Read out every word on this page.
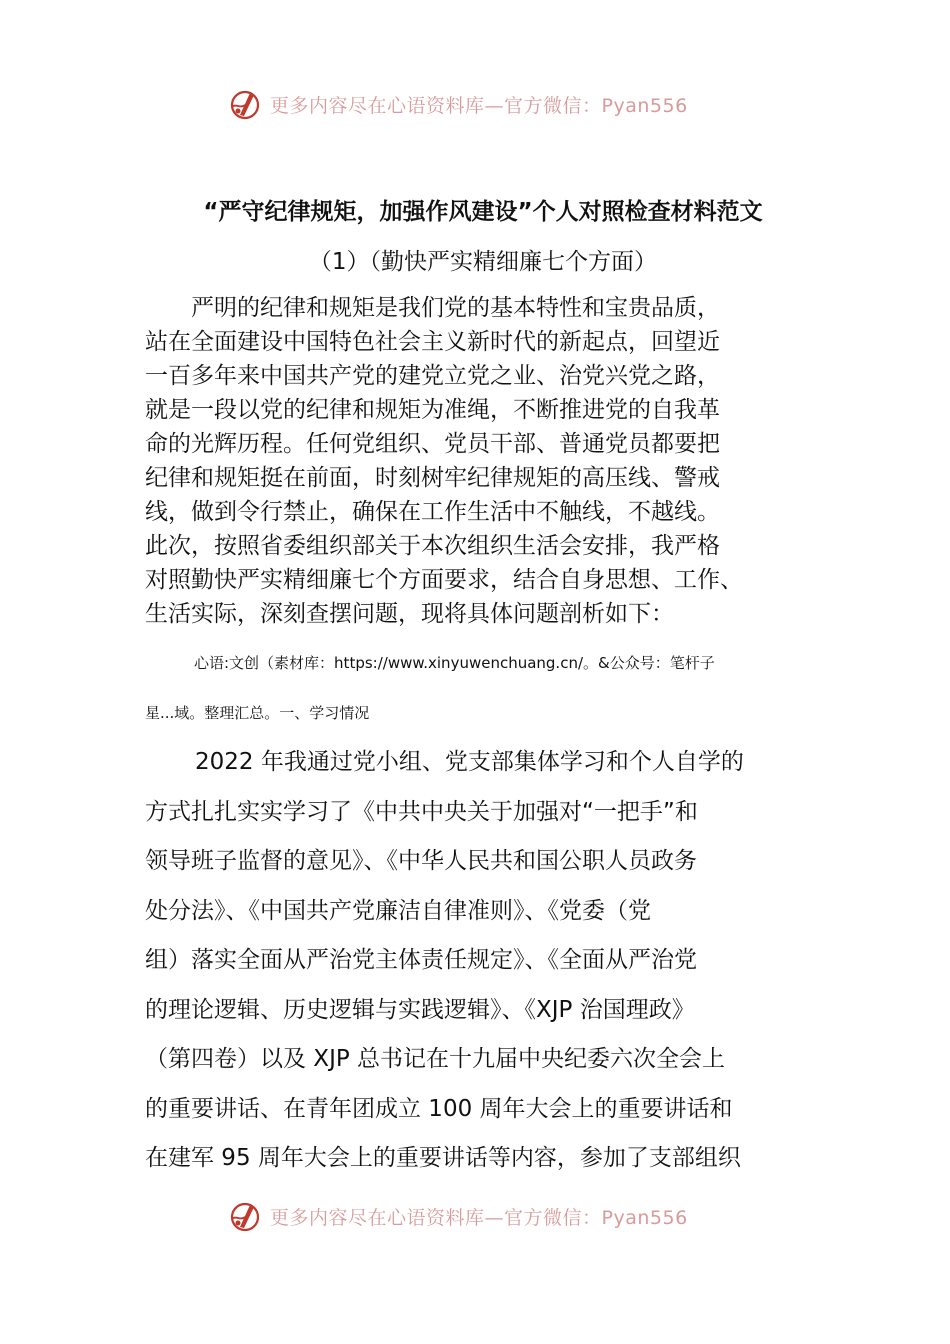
更多内容尽在心语资料库—官方微信：Pyan556
“严守纪律规矩，加强作风建设”个人对照检查材料范文
（1）（勤快严实精细廉七个方面）
严明的纪律和规矩是我们党的基本特性和宝贵品质，
站在全面建设中国特色社会主义新时代的新起点，回望近
一百多年来中国共产党的建党立党之业、治党兴党之路，
就是一段以党的纪律和规矩为准绳，不断推进党的自我革
命的光辉历程。任何党组织、党员干部、普通党员都要把
纪律和规矩挺在前面，时刻树牢纪律规矩的高压线、警戒
线，做到令行禁止，确保在工作生活中不触线，不越线。
此次，按照省委组织部关于本次组织生活会安排，我严格
对照勤快严实精细廉七个方面要求，结合自身思想、工作、
生活实际，深刻查摆问题，现将具体问题剖析如下：
心语:文创（素材库：https://www.xinyuwenchuang.cn/。&公众号：笔杆子
星...域。整理汇总。一、学习情况
2022 年我通过党小组、党支部集体学习和个人自学的
方式扎扎实实学习了《中共中央关于加强对“一把手”和
领导班子监督的意见》、《中华人民共和国公职人员政务
处分法》、《中国共产党廉洁自律准则》、《党委（党
组）落实全面从严治党主体责任规定》、《全面从严治党
的理论逻辑、历史逻辑与实践逻辑》、《XJP 治国理政》
（第四卷）以及 XJP 总书记在十九届中央纪委六次全会上
的重要讲话、在青年团成立 100 周年大会上的重要讲话和
在建军 95 周年大会上的重要讲话等内容，参加了支部组织
更多内容尽在心语资料库—官方微信：Pyan556
